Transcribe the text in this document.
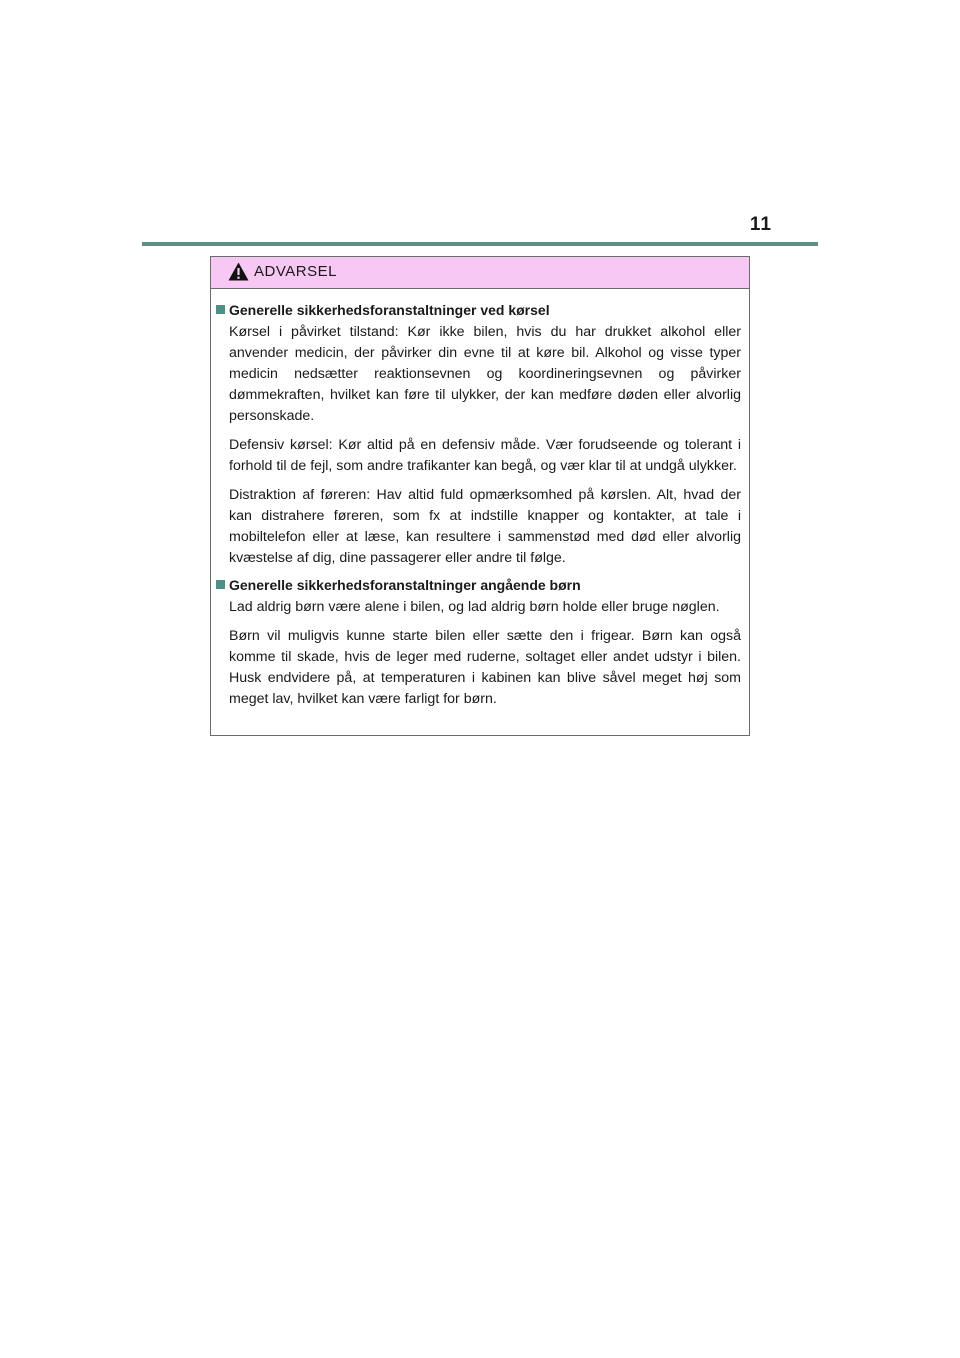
11
ADVARSEL
Generelle sikkerhedsforanstaltninger ved kørsel

Kørsel i påvirket tilstand: Kør ikke bilen, hvis du har drukket alkohol eller anvender medicin, der påvirker din evne til at køre bil. Alkohol og visse typer medicin nedsætter reaktionsevnen og koordineringsevnen og påvirker dømmekraften, hvilket kan føre til ulykker, der kan medføre døden eller alvorlig personskade.

Defensiv kørsel: Kør altid på en defensiv måde. Vær forudseende og tolerant i forhold til de fejl, som andre trafikanter kan begå, og vær klar til at undgå ulykker.

Distraktion af føreren: Hav altid fuld opmærksomhed på kørslen. Alt, hvad der kan distrahere føreren, som fx at indstille knapper og kontakter, at tale i mobiltelefon eller at læse, kan resultere i sammenstød med død eller alvorlig kvæstelse af dig, dine passagerer eller andre til følge.

Generelle sikkerhedsforanstaltninger angående børn

Lad aldrig børn være alene i bilen, og lad aldrig børn holde eller bruge nøglen.

Børn vil muligvis kunne starte bilen eller sætte den i frigear. Børn kan også komme til skade, hvis de leger med ruderne, soltaget eller andet udstyr i bilen. Husk endvidere på, at temperaturen i kabinen kan blive såvel meget høj som meget lav, hvilket kan være farligt for børn.
